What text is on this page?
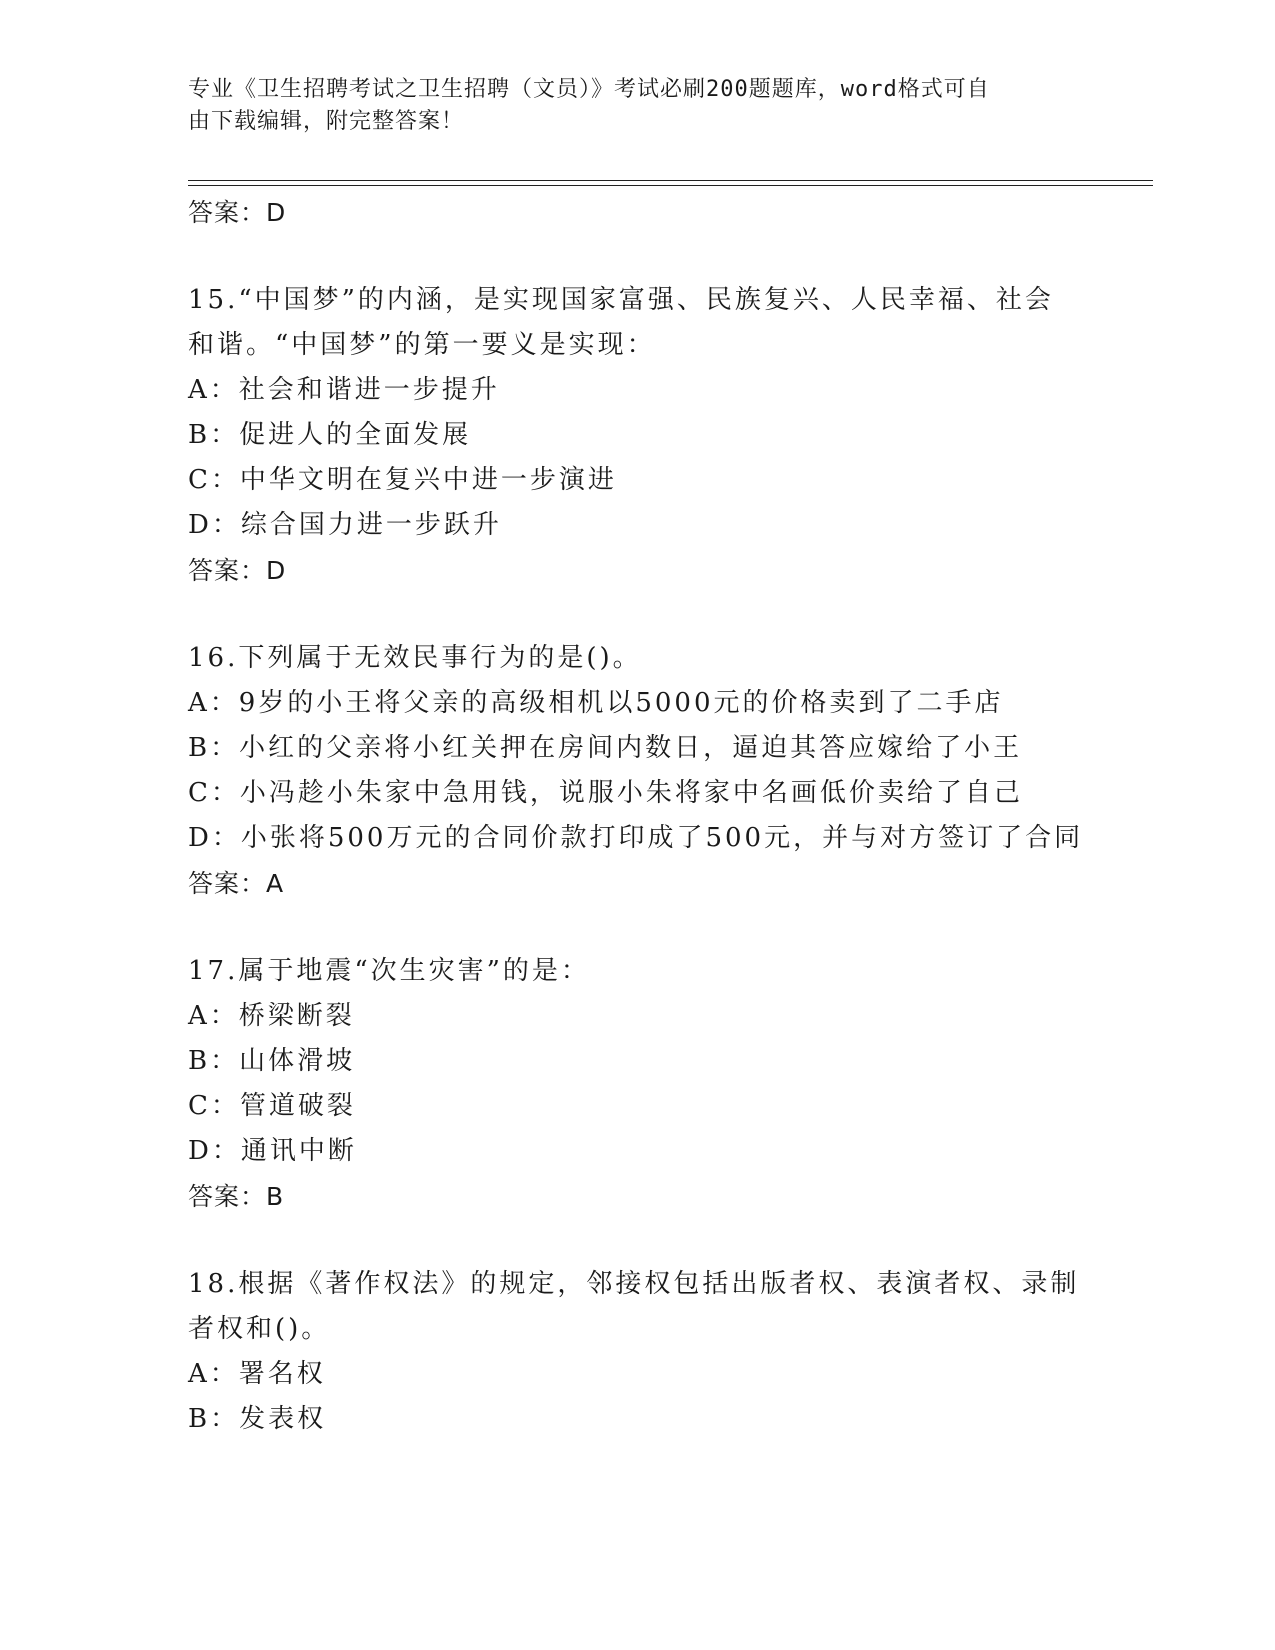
专业《卫生招聘考试之卫生招聘（文员）》考试必刷200题题库，word格式可自
由下载编辑，附完整答案！
答案：D
15.“中国梦”的内涵，是实现国家富强、民族复兴、人民幸福、社会
和谐。“中国梦”的第一要义是实现：
A：社会和谐进一步提升
B：促进人的全面发展
C：中华文明在复兴中进一步演进
D：综合国力进一步跃升
答案：D
16.下列属于无效民事行为的是()。
A：9岁的小王将父亲的高级相机以5000元的价格卖到了二手店
B：小红的父亲将小红关押在房间内数日，逼迫其答应嫁给了小王
C：小冯趁小朱家中急用钱，说服小朱将家中名画低价卖给了自己
D：小张将500万元的合同价款打印成了500元，并与对方签订了合同
答案：A
17.属于地震“次生灾害”的是：
A：桥梁断裂
B：山体滑坡
C：管道破裂
D：通讯中断
答案：B
18.根据《著作权法》的规定，邻接权包括出版者权、表演者权、录制
者权和()。
A：署名权
B：发表权
